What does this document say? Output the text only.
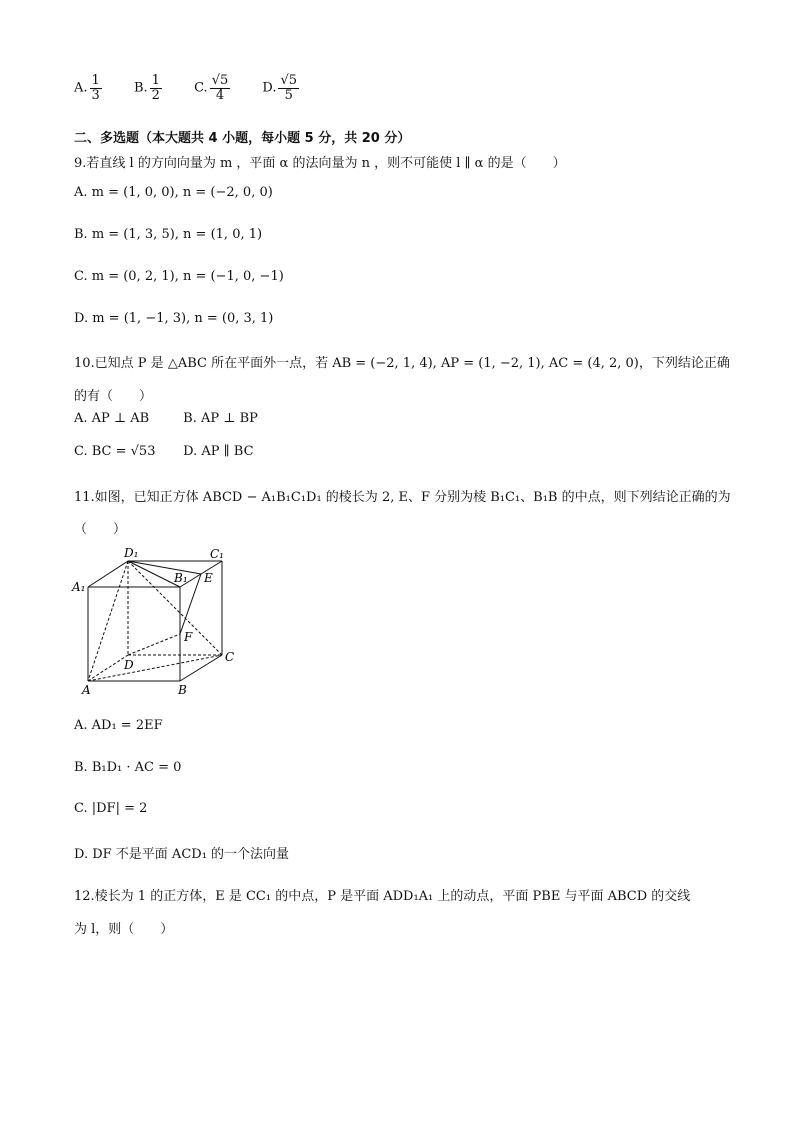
A. $\frac{1}{3} B$. $\frac{1}{2} C$. $\frac{√5}{4} D$. $\frac{√5}{5}$
二、多选题（本大题共 4 小题，每小题 5 分，共 20 分）
9.若直线 l 的方向向量为 m ，平面 α 的法向量为 n ，则不可能使 l ∥ α 的是（　　）
A. m = (1, 0, 0), n = (−2, 0, 0)
B. m = (1, 3, 5), n = (1, 0, 1)
C. m = (0, 2, 1), n = (−1, 0, −1)
D. m = (1, −1, 3), n = (0, 3, 1)
10.已知点 P 是 △ABC 所在平面外一点，若 AB = (−2, 1, 4), AP = (1, −2, 1), AC = (4, 2, 0)，下列结论正确
的有（　　）
A. AP ⊥ AB	B. AP ⊥ BP
C. BC = √53 D. AP ∥ BC
11.如图，已知正方体 ABCD − A₁B₁C₁D₁ 的棱长为 2, E、F 分别为棱 B₁C₁、B₁B 的中点，则下列结论正确的为
（　　）
D₁	C₁
A₁
B₁ E
F
D
C
A	B
A. AD₁ = 2EF
B. B₁D₁ · AC = 0
C. |DF| = 2
D. DF 不是平面 ACD₁ 的一个法向量
12.棱长为 1 的正方体，E 是 CC₁ 的中点，P 是平面 ADD₁A₁ 上的动点，平面 PBE 与平面 ABCD 的交线
为 l，则（　　）
